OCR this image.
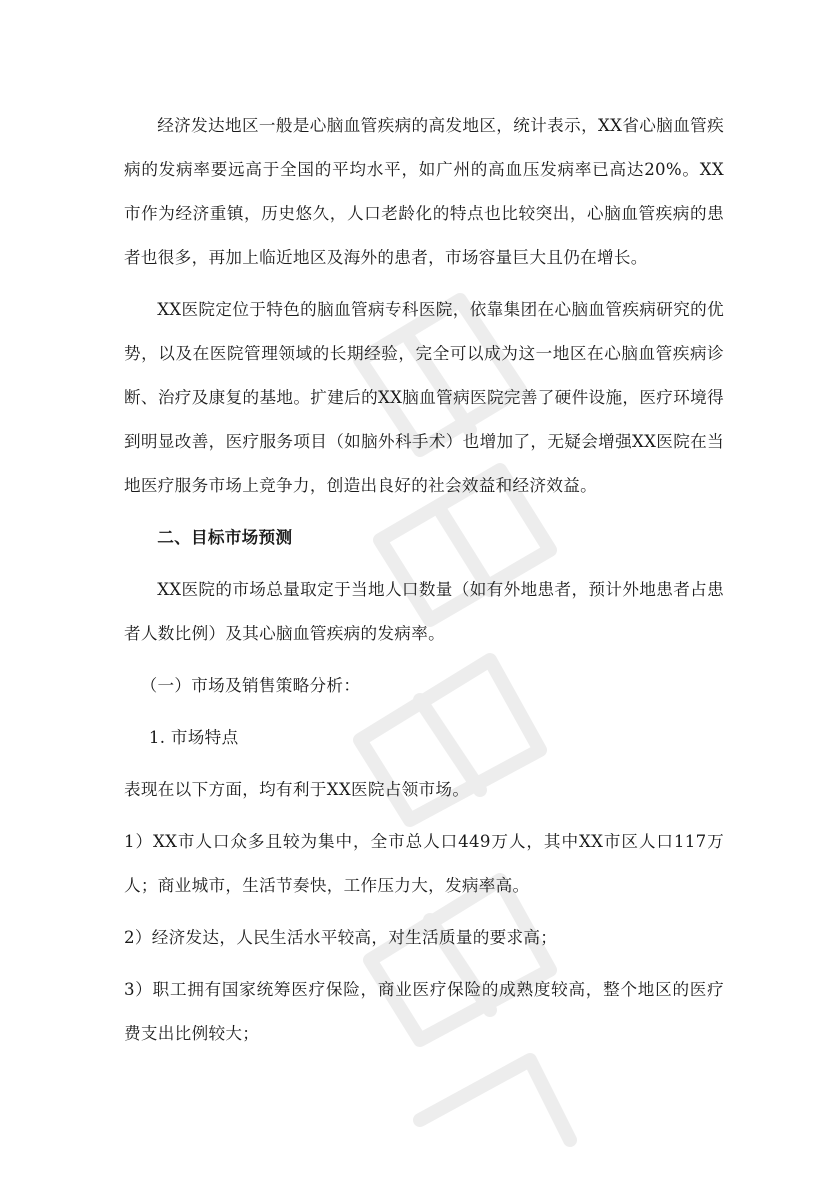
经济发达地区一般是心脑血管疾病的高发地区，统计表示，XX省心脑血管疾病的发病率要远高于全国的平均水平，如广州的高血压发病率已高达20%。XX市作为经济重镇，历史悠久，人口老龄化的特点也比较突出，心脑血管疾病的患者也很多，再加上临近地区及海外的患者，市场容量巨大且仍在增长。

XX医院定位于特色的脑血管病专科医院，依靠集团在心脑血管疾病研究的优势，以及在医院管理领域的长期经验，完全可以成为这一地区在心脑血管疾病诊断、治疗及康复的基地。扩建后的XX脑血管病医院完善了硬件设施，医疗环境得到明显改善，医疗服务项目（如脑外科手术）也增加了，无疑会增强XX医院在当地医疗服务市场上竞争力，创造出良好的社会效益和经济效益。

二、目标市场预测

XX医院的市场总量取定于当地人口数量（如有外地患者，预计外地患者占患者人数比例）及其心脑血管疾病的发病率。

（一）市场及销售策略分析：

1. 市场特点

表现在以下方面，均有利于XX医院占领市场。

1）XX市人口众多且较为集中，全市总人口449万人，其中XX市区人口117万人；商业城市，生活节奏快，工作压力大，发病率高。

2）经济发达，人民生活水平较高，对生活质量的要求高；

3）职工拥有国家统筹医疗保险，商业医疗保险的成熟度较高，整个地区的医疗费支出比例较大；
